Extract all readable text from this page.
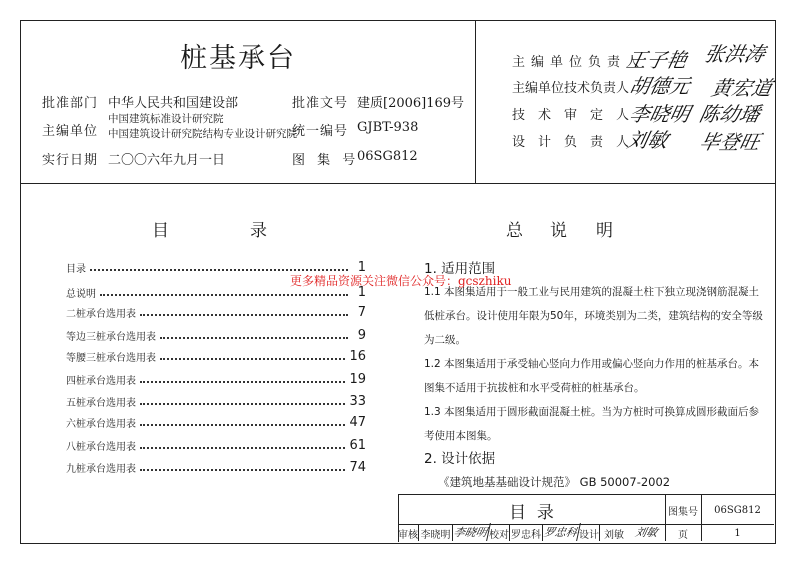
桩基承台
批准部门 中华人民共和国建设部
主编单位
中国建筑标准设计研究院
中国建筑设计研究院结构专业设计研究院
实行日期 二〇〇六年九月一日
批准文号 建质[2006]169号
统一编号 GJBT-938
图 集 号
06SG812
主编单位负责人
王子艳 张洪涛
主编单位技术负责人
胡德元 黄宏道
技术审定人
李晓明 陈幼璠
设计负责人
刘敏 毕登旺
目	录
目录	1
总说明	1
二桩承台选用表	7
等边三桩承台选用表	9
等腰三桩承台选用表	16
四桩承台选用表	19
五桩承台选用表	33
六桩承台选用表	47
八桩承台选用表	61
九桩承台选用表	74
总 说 明

1. 适用范围

1.1 本图集适用于一般工业与民用建筑的混凝土柱下独立现浇钢筋混凝土低桩承台。设计使用年限为50年，环境类别为二类，建筑结构的安全等级为二级。

1.2 本图集适用于承受轴心竖向力作用或偏心竖向力作用的桩基承台。本图集不适用于抗拔桩和水平受荷桩的桩基承台。

1.3 本图集适用于圆形截面混凝土桩。当为方桩时可换算成圆形截面后参考使用本图集。

2. 设计依据

《建筑地基基础设计规范》 GB 50007-2002

更多精品资源关注微信公众号：gcszhiku
目  录	图集号	06SG812
审核 李晓明 李晓明 校对 罗忠科 罗忠科 设计 刘敏 刘敏	页	1
